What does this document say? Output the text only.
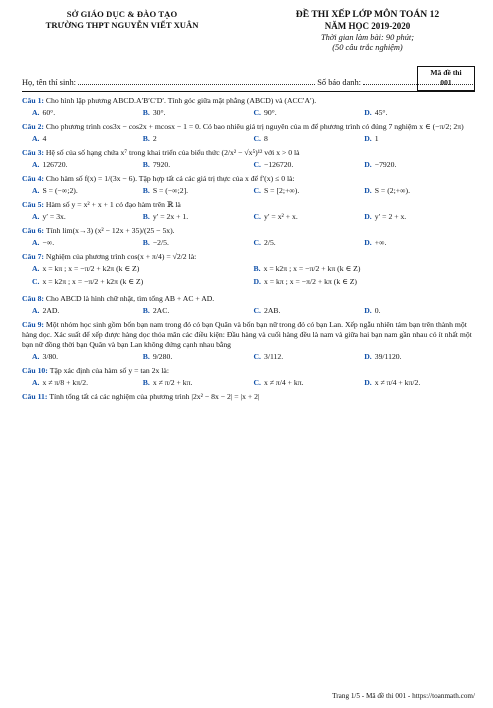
SỞ GIÁO DỤC & ĐÀO TẠO
TRƯỜNG THPT NGUYỄN VIẾT XUÂN
ĐỀ THI XẾP LỚP MÔN TOÁN 12
NĂM HỌC 2019-2020
Thời gian làm bài: 90 phút;
(50 câu trắc nghiệm)
Mã đề thi
001
Họ, tên thí sinh:	Số báo danh:
Câu 1: Cho hình lập phương ABCD.A′B′C′D′. Tính góc giữa mặt phẳng (ABCD) và (ACC′A′).
A. 60°.	B. 30°.	C. 90°.	D. 45°.
Câu 2: Cho phương trình cos3x − cos2x + mcosx − 1 = 0. Có bao nhiêu giá trị nguyên của m để phương trình có đúng 7 nghiệm x ∈ (−π/2; 2π)
A. 4	B. 2	C. 8	D. 1
Câu 3: Hệ số của số hạng chứa x⁷ trong khai triển của biểu thức (2/x² − √x⁵)¹² với x > 0 là
A. 126720.	B. 7920.	C. −126720.	D. −7920.
Câu 4: Cho hàm số f(x) = 1/(3x − 6). Tập hợp tất cả các giá trị thực của x để f′(x) ≤ 0 là:
A. S = (−∞;2).	B. S = (−∞;2].	C. S = [2;+∞).	D. S = (2;+∞).
Câu 5: Hàm số y = x² + x + 1 có đạo hàm trên ℝ là
A. y′ = 3x.	B. y′ = 2x + 1.	C. y′ = x² + x.	D. y′ = 2 + x.
Câu 6: Tính lim(x→3) (x² − 12x + 35)/(25 − 5x).
A. −∞.	B. −2/5.	C. 2/5.	D. +∞.
Câu 7: Nghiệm của phương trình cos(x + π/4) = √2/2 là:
A. x = kπ ; x = −π/2 + k2π (k ∈ Z)	B. x = k2π ; x = −π/2 + kπ (k ∈ Z)
C. x = k2π ; x = −π/2 + k2π (k ∈ Z)	D. x = kπ ; x = −π/2 + kπ (k ∈ Z)
Câu 8: Cho ABCD là hình chữ nhật, tìm tổng AB + AC + AD.
A. 2AD.	B. 2AC.	C. 2AB.	D. 0.
Câu 9: Một nhóm học sinh gồm bốn bạn nam trong đó có bạn Quân và bốn bạn nữ trong đó có bạn Lan. Xếp ngẫu nhiên tám bạn trên thành một hàng dọc. Xác suất để xếp được hàng dọc thỏa mãn các điều kiện: Đầu hàng và cuối hàng đều là nam và giữa hai bạn nam gần nhau có ít nhất một bạn nữ đồng thời bạn Quân và bạn Lan không đứng cạnh nhau bằng
A. 3/80.	B. 9/280.	C. 3/112.	D. 39/1120.
Câu 10: Tập xác định của hàm số y = tan 2x là:
A. x ≠ π/8 + kπ/2.	B. x ≠ π/2 + kπ.	C. x ≠ π/4 + kπ.	D. x ≠ π/4 + kπ/2.
Câu 11: Tính tổng tất cả các nghiệm của phương trình |2x² − 8x − 2| = |x + 2|
Trang 1/5 - Mã đề thi 001 - https://toanmath.com/
